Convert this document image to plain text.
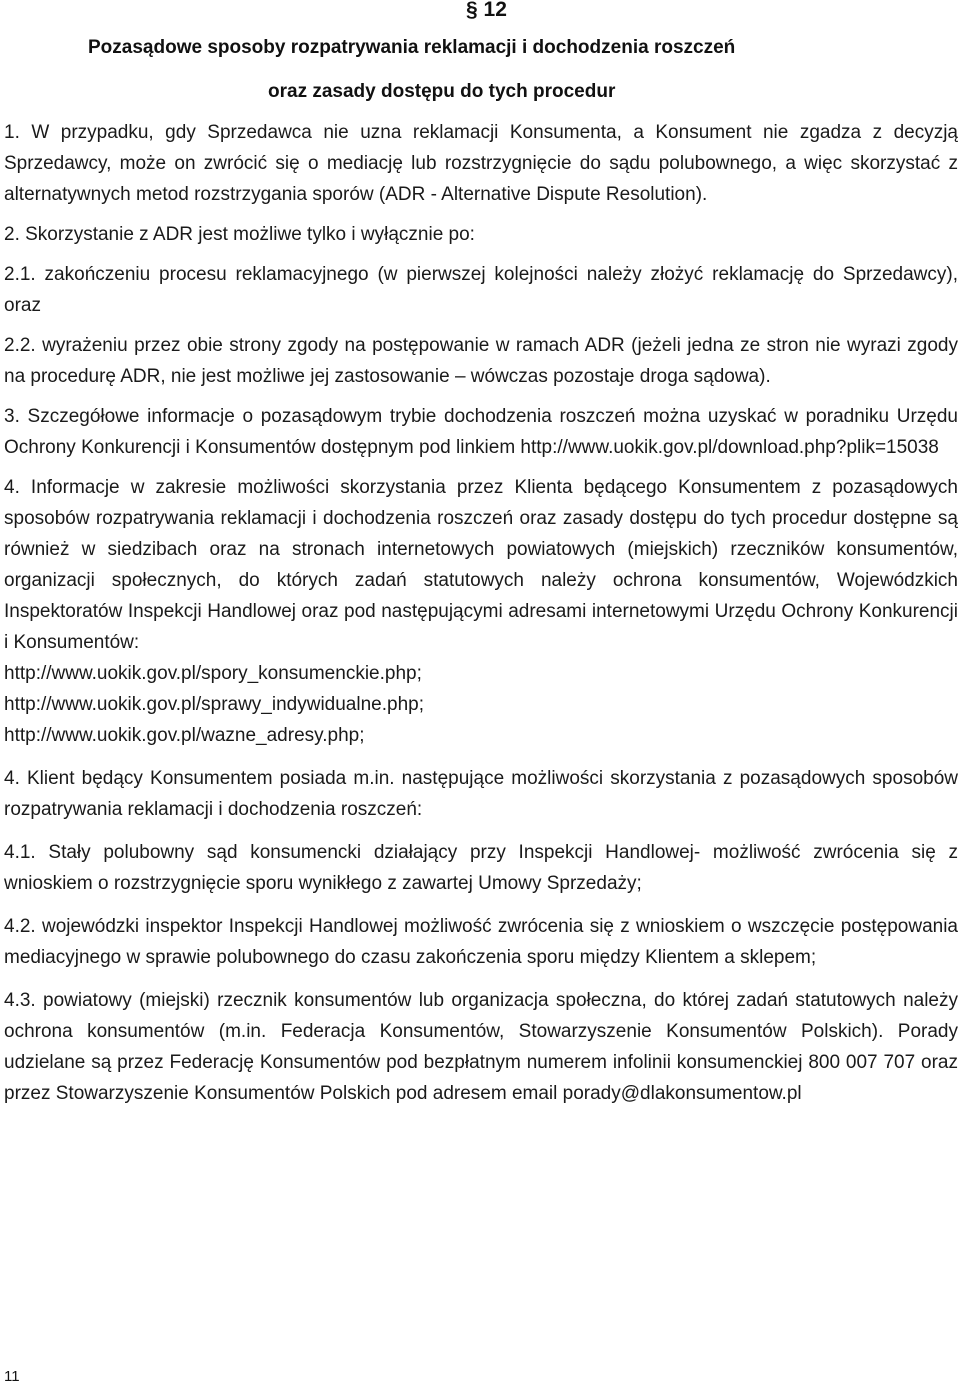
§ 12

Pozasądowe sposoby rozpatrywania reklamacji i dochodzenia roszczeń

oraz zasady dostępu do tych procedur

1. W przypadku, gdy Sprzedawca nie uzna reklamacji Konsumenta, a Konsument nie zgadza z decyzją Sprzedawcy, może on zwrócić się o mediację lub rozstrzygnięcie do sądu polubownego, a więc skorzystać z alternatywnych metod rozstrzygania sporów (ADR - Alternative Dispute Resolution).

2. Skorzystanie z ADR jest możliwe tylko i wyłącznie po:

2.1. zakończeniu procesu reklamacyjnego (w pierwszej kolejności należy złożyć reklamację do Sprzedawcy), oraz

2.2. wyrażeniu przez obie strony zgody na postępowanie w ramach ADR (jeżeli jedna ze stron nie wyrazi zgody na procedurę ADR, nie jest możliwe jej zastosowanie – wówczas pozostaje droga sądowa).

3. Szczegółowe informacje o pozasądowym trybie dochodzenia roszczeń można uzyskać w poradniku Urzędu Ochrony Konkurencji i Konsumentów dostępnym pod linkiem http://www.uokik.gov.pl/download.php?plik=15038

4. Informacje w zakresie możliwości skorzystania przez Klienta będącego Konsumentem z pozasądowych sposobów rozpatrywania reklamacji i dochodzenia roszczeń oraz zasady dostępu do tych procedur dostępne są również w siedzibach oraz na stronach internetowych powiatowych (miejskich) rzeczników konsumentów, organizacji społecznych, do których zadań statutowych należy ochrona konsumentów, Wojewódzkich Inspektoratów Inspekcji Handlowej oraz pod następującymi adresami internetowymi Urzędu Ochrony Konkurencji i Konsumentów:

http://www.uokik.gov.pl/spory_konsumenckie.php;
http://www.uokik.gov.pl/sprawy_indywidualne.php;
http://www.uokik.gov.pl/wazne_adresy.php;

4. Klient będący Konsumentem posiada m.in. następujące możliwości skorzystania z pozasądowych sposobów rozpatrywania reklamacji i dochodzenia roszczeń:

4.1. Stały polubowny sąd konsumencki działający przy Inspekcji Handlowej- możliwość zwrócenia się z wnioskiem o rozstrzygnięcie sporu wynikłego z zawartej Umowy Sprzedaży;

4.2. wojewódzki inspektor Inspekcji Handlowej możliwość zwrócenia się z wnioskiem o wszczęcie postępowania mediacyjnego w sprawie polubownego do czasu zakończenia sporu między Klientem a sklepem;

4.3. powiatowy (miejski) rzecznik konsumentów lub organizacja społeczna, do której zadań statutowych należy ochrona konsumentów (m.in. Federacja Konsumentów, Stowarzyszenie Konsumentów Polskich). Porady udzielane są przez Federację Konsumentów pod bezpłatnym numerem infolinii konsumenckiej 800 007 707 oraz przez Stowarzyszenie Konsumentów Polskich pod adresem email porady@dlakonsumentow.pl

11
